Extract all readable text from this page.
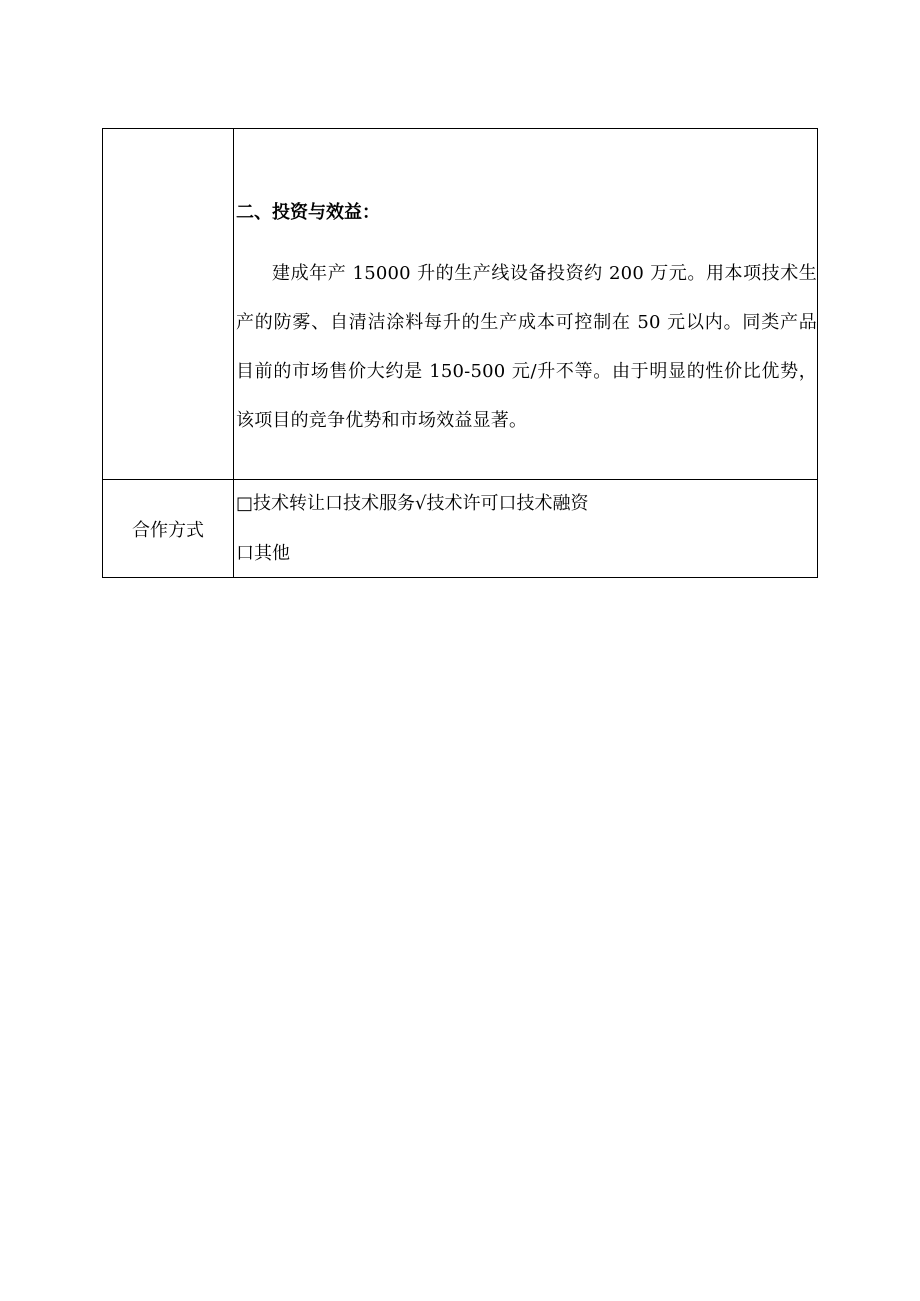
	二、投资与效益：
建成年产 15000 升的生产线设备投资约 200 万元。用本项技术生产的防雾、自清洁涂料每升的生产成本可控制在 50 元以内。同类产品目前的市场售价大约是 150-500 元/升不等。由于明显的性价比优势，该项目的竞争优势和市场效益显著。

合作方式	□技术转让口技术服务√技术许可口技术融资
口其他
